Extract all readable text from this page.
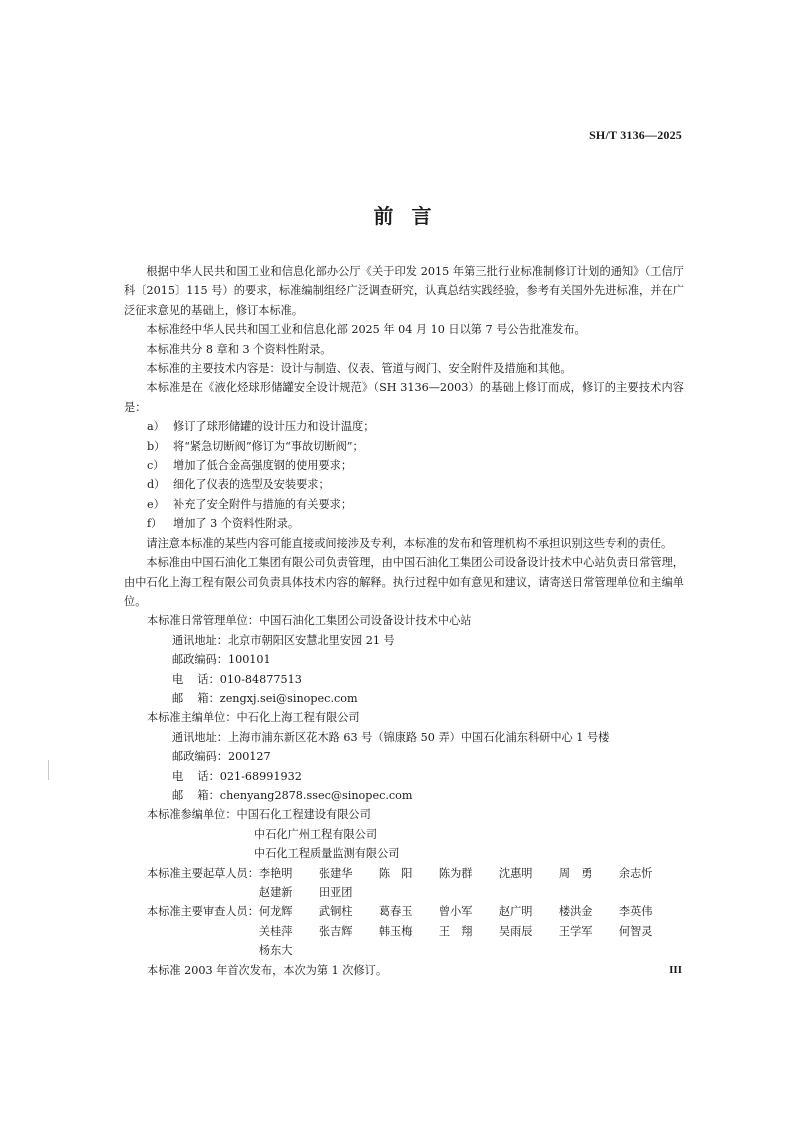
SH/T 3136—2025
前言

根据中华人民共和国工业和信息化部办公厅《关于印发 2015 年第三批行业标准制修订计划的通知》（工信厅科〔2015〕115 号）的要求，标准编制组经广泛调查研究，认真总结实践经验，参考有关国外先进标准，并在广泛征求意见的基础上，修订本标准。

本标准经中华人民共和国工业和信息化部 2025 年 04 月 10 日以第 7 号公告批准发布。

本标准共分 8 章和 3 个资料性附录。

本标准的主要技术内容是：设计与制造、仪表、管道与阀门、安全附件及措施和其他。

本标准是在《液化烃球形储罐安全设计规范》（SH 3136—2003）的基础上修订而成，修订的主要技术内容是：

a） 修订了球形储罐的设计压力和设计温度；

b） 将“紧急切断阀”修订为“事故切断阀”；

c） 增加了低合金高强度钢的使用要求；

d） 细化了仪表的选型及安装要求；

e） 补充了安全附件与措施的有关要求；

f） 增加了 3 个资料性附录。

请注意本标准的某些内容可能直接或间接涉及专利，本标准的发布和管理机构不承担识别这些专利的责任。

本标准由中国石油化工集团有限公司负责管理，由中国石油化工集团公司设备设计技术中心站负责日常管理，由中石化上海工程有限公司负责具体技术内容的解释。执行过程中如有意见和建议，请寄送日常管理单位和主编单位。

本标准日常管理单位：中国石油化工集团公司设备设计技术中心站

通讯地址：北京市朝阳区安慧北里安园 21 号

邮政编码：100101

电    话：010-84877513

邮    箱：zengxj.sei@sinopec.com

本标准主编单位：中石化上海工程有限公司

通讯地址：上海市浦东新区花木路 63 号（锦康路 50 弄）中国石化浦东科研中心 1 号楼

邮政编码：200127

电    话：021-68991932

邮    箱：chenyang2878.ssec@sinopec.com

本标准参编单位：中国石化工程建设有限公司

中石化广州工程有限公司

中石化工程质量监测有限公司

本标准主要起草人员：李艳明 张建华 陈　阳 陈为群 沈惠明 周　勇 余志忻赵建新 田亚团
本标准主要审查人员：何龙辉 武铜柱 葛春玉 曾小军 赵广明 楼洪金 李英伟关桂萍 张吉辉 韩玉梅 王　翔 吴雨辰 王学军 何智灵杨东大

本标准 2003 年首次发布，本次为第 1 次修订。	III
